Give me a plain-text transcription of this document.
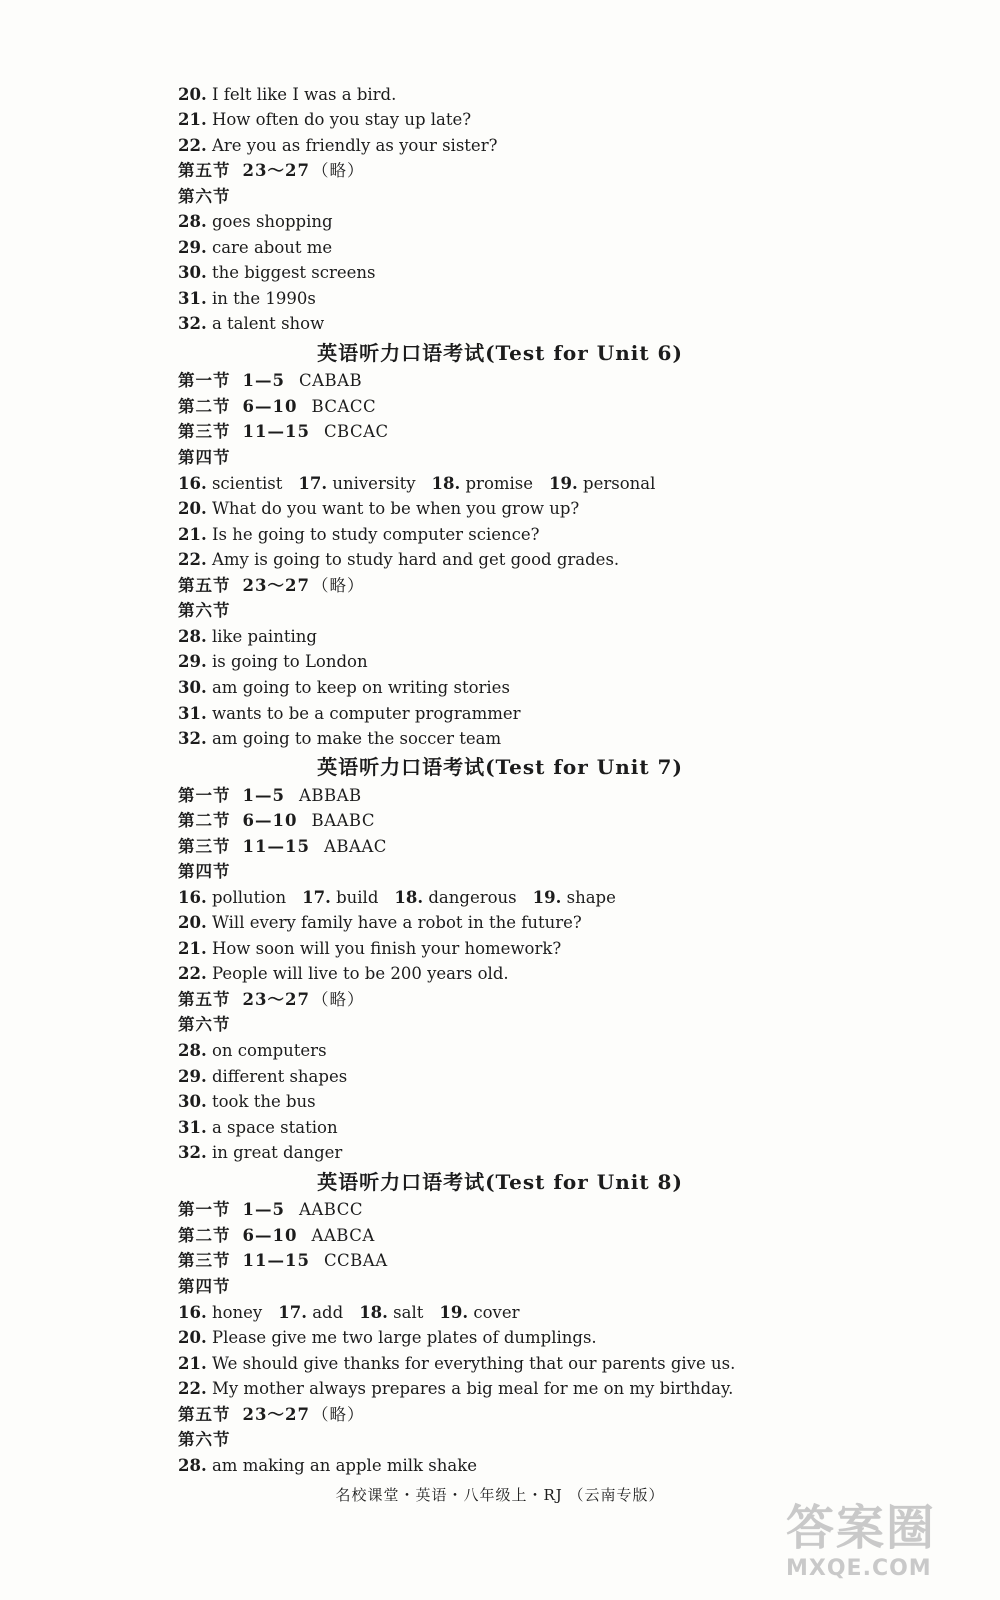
20. I felt like I was a bird.
21. How often do you stay up late?
22. Are you as friendly as your sister?
第五节 23～27 （略）
第六节
28. goes shopping
29. care about me
30. the biggest screens
31. in the 1990s
32. a talent show
英语听力口语考试(Test for Unit 6)
第一节 1—5 CABAB
第二节 6—10 BCACC
第三节 11—15 CBCAC
第四节
16. scientist 17. university 18. promise 19. personal
20. What do you want to be when you grow up?
21. Is he going to study computer science?
22. Amy is going to study hard and get good grades.
第五节 23～27 （略）
第六节
28. like painting
29. is going to London
30. am going to keep on writing stories
31. wants to be a computer programmer
32. am going to make the soccer team
英语听力口语考试(Test for Unit 7)
第一节 1—5 ABBAB
第二节 6—10 BAABC
第三节 11—15 ABAAC
第四节
16. pollution 17. build 18. dangerous 19. shape
20. Will every family have a robot in the future?
21. How soon will you finish your homework?
22. People will live to be 200 years old.
第五节 23～27 （略）
第六节
28. on computers
29. different shapes
30. took the bus
31. a space station
32. in great danger
英语听力口语考试(Test for Unit 8)
第一节 1—5 AABCC
第二节 6—10 AABCA
第三节 11—15 CCBAA
第四节
16. honey 17. add 18. salt 19. cover
20. Please give me two large plates of dumplings.
21. We should give thanks for everything that our parents give us.
22. My mother always prepares a big meal for me on my birthday.
第五节 23～27 （略）
第六节
28. am making an apple milk shake
名校课堂・英语・八年级上・RJ （云南专版）
答案圈
MXQE.COM
